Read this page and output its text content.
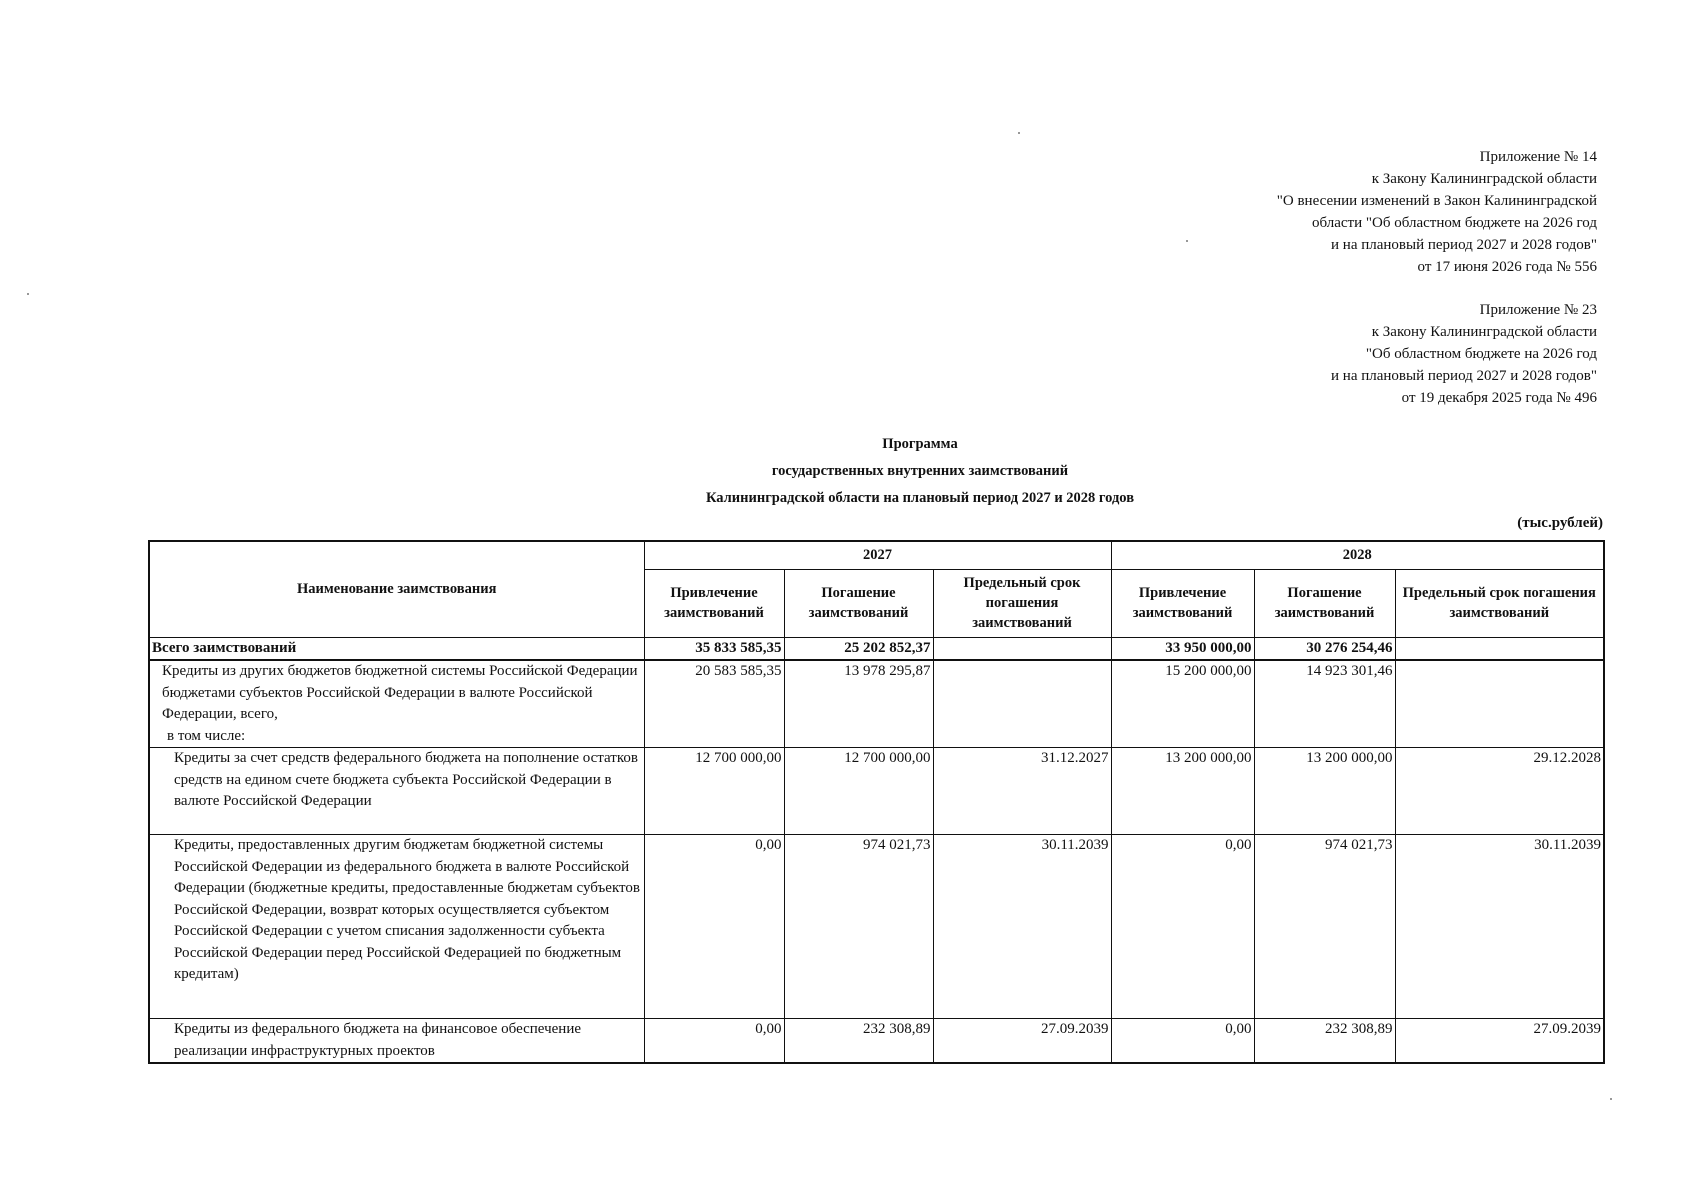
Приложение № 14
к Закону Калининградской области
"О внесении изменений в Закон Калининградской
области "Об областном бюджете на 2026 год
и на плановый период 2027 и 2028 годов"
от 17 июня 2026 года № 556
Приложение № 23
к Закону Калининградской области
"Об областном бюджете на 2026 год
и на плановый период 2027 и 2028 годов"
от 19 декабря 2025 года № 496
Программа
государственных внутренних заимствований
Калининградской области на плановый период 2027 и 2028 годов
(тыс.рублей)
Наименование заимствования	2027			2028		
	Привлечение заимствований	Погашение заимствований	Предельный срок погашения заимствований	Привлечение заимствований	Погашение заимствований	Предельный срок погашения заимствований
Всего заимствований	35 833 585,35	25 202 852,37		33 950 000,00	30 276 254,46	
Кредиты из других бюджетов бюджетной системы Российской Федерации бюджетами субъектов Российской Федерации в валюте Российской Федерации, всего,
в том числе:	20 583 585,35	13 978 295,87		15 200 000,00	14 923 301,46	
Кредиты за счет средств федерального бюджета на пополнение остатков средств на едином счете бюджета субъекта Российской Федерации в валюте Российской Федерации	12 700 000,00	12 700 000,00	31.12.2027	13 200 000,00	13 200 000,00	29.12.2028
Кредиты, предоставленных другим бюджетам бюджетной системы Российской Федерации из федерального бюджета в валюте Российской Федерации (бюджетные кредиты, предоставленные бюджетам субъектов Российской Федерации, возврат которых осуществляется субъектом Российской Федерации с учетом списания задолженности субъекта Российской Федерации перед Российской Федерацией по бюджетным кредитам)	0,00	974 021,73	30.11.2039	0,00	974 021,73	30.11.2039
Кредиты из федерального бюджета на финансовое обеспечение реализации инфраструктурных проектов	0,00	232 308,89	27.09.2039	0,00	232 308,89	27.09.2039
